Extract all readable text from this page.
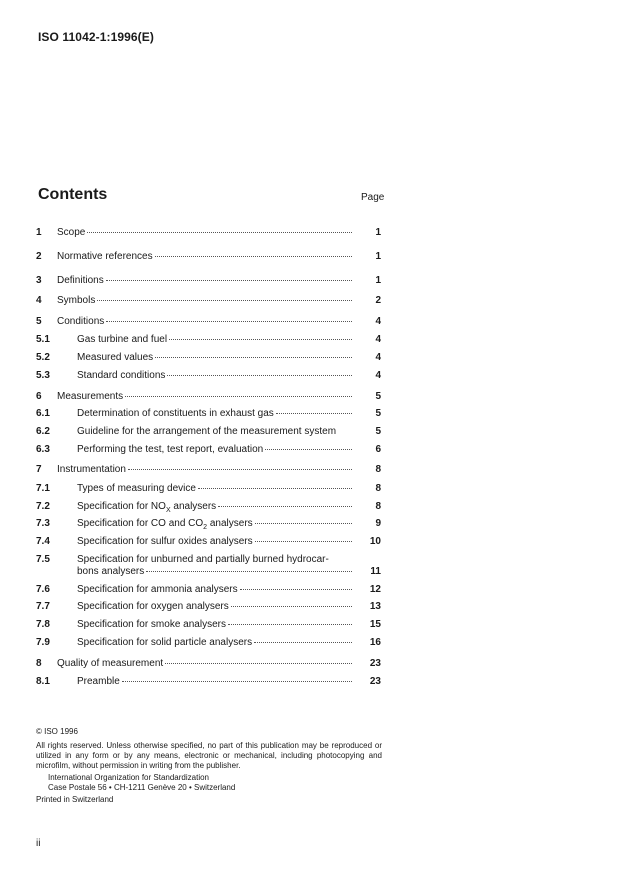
ISO 11042-1:1996(E)
Contents	Page
1 Scope	1
2 Normative references	1
3 Definitions	1
4 Symbols	2
5 Conditions	4
5.1	Gas turbine and fuel	4
5.2	Measured values	4
5.3	Standard conditions	4
6 Measurements	5
6.1	Determination of constituents in exhaust gas	5
6.2	Guideline for the arrangement of the measurement system	5
6.3	Performing the test, test report, evaluation	6
7 Instrumentation	8
7.1	Types of measuring device	8
7.2	Specification for $NO_X$ analysers	8
7.3	Specification for CO and $CO_2$ analysers	9
7.4	Specification for sulfur oxides analysers	10
7.5	Specification for unburned and partially burned hydrocar-
bons analysers	11
7.6	Specification for ammonia analysers	12
7.7	Specification for oxygen analysers	13
7.8	Specification for smoke analysers	15
7.9	Specification for solid particle analysers	16
8 Quality of measurement	23
8.1	Preamble	23
© ISO 1996
All rights reserved. Unless otherwise specified, no part of this publication may be reproduced or utilized in any form or by any means, electronic or mechanical, including photocopying and microfilm, without permission in writing from the publisher.
International Organization for Standardization
Case Postale 56 • CH-1211 Genève 20 • Switzerland
Printed in Switzerland
ii
